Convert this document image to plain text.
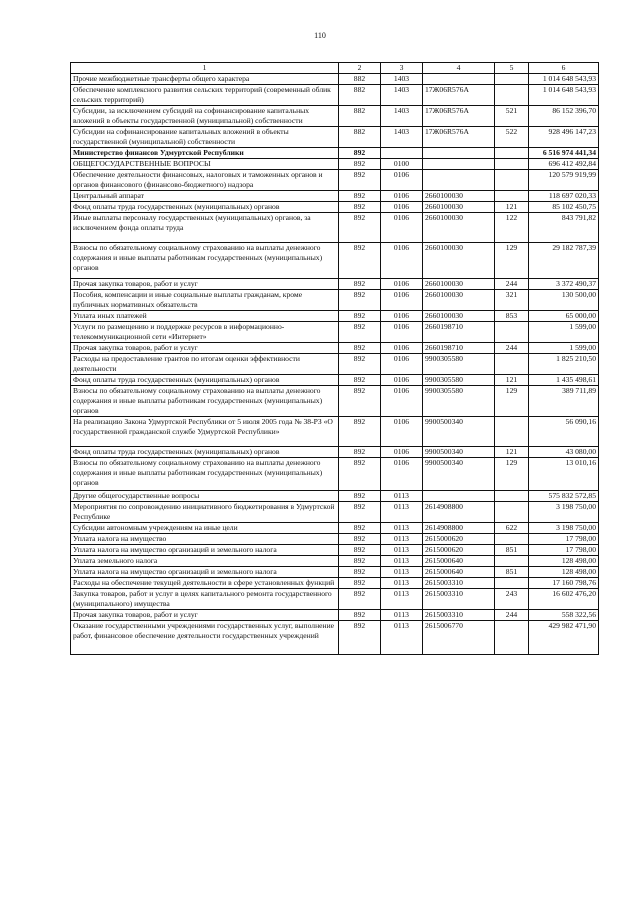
110
1	2	3	4	5	6
Прочие межбюджетные трансферты общего характера	882	1403			1 014 648 543,93
Обеспечение комплексного развития сельских территорий (современный облик сельских территорий)	882	1403	17Ж06R576А		1 014 648 543,93
Субсидии, за исключением субсидий на софинансирование капитальных вложений в объекты государственной (муниципальной) собственности	882	1403	17Ж06R576А	521	86 152 396,70
Субсидии на софинансирование капитальных вложений в объекты государственной (муниципальной) собственности	882	1403	17Ж06R576А	522	928 496 147,23
Министерство финансов Удмуртской Республики	892				6 516 974 441,34
ОБЩЕГОСУДАРСТВЕННЫЕ ВОПРОСЫ	892	0100			696 412 492,84
Обеспечение деятельности финансовых, налоговых и таможенных органов и органов финансового (финансово-бюджетного) надзора	892	0106			120 579 919,99
Центральный аппарат	892	0106	2660100030		118 697 020,33
Фонд оплаты труда государственных (муниципальных) органов	892	0106	2660100030	121	85 102 450,75
Иные выплаты персоналу государственных (муниципальных) органов, за исключением фонда оплаты труда	892	0106	2660100030	122	843 791,82
Взносы по обязательному социальному страхованию на выплаты денежного содержания и иные выплаты работникам государственных (муниципальных) органов	892	0106	2660100030	129	29 182 787,39
Прочая закупка товаров, работ и услуг	892	0106	2660100030	244	3 372 490,37
Пособия, компенсации и иные социальные выплаты гражданам, кроме публичных нормативных обязательств	892	0106	2660100030	321	130 500,00
Уплата иных платежей	892	0106	2660100030	853	65 000,00
Услуги по размещению и поддержке ресурсов в информационно-телекоммуникационной сети «Интернет»	892	0106	2660198710		1 599,00
Прочая закупка товаров, работ и услуг	892	0106	2660198710	244	1 599,00
Расходы на предоставление грантов по итогам оценки эффективности деятельности	892	0106	9900305580		1 825 210,50
Фонд оплаты труда государственных (муниципальных) органов	892	0106	9900305580	121	1 435 498,61
Взносы по обязательному социальному страхованию на выплаты денежного содержания и иные выплаты работникам государственных (муниципальных) органов	892	0106	9900305580	129	389 711,89
На реализацию Закона Удмуртской Республики от 5 июля 2005 года № 38-РЗ «О государственной гражданской службе Удмуртской Республики»	892	0106	9900500340		56 090,16
Фонд оплаты труда государственных (муниципальных) органов	892	0106	9900500340	121	43 080,00
Взносы по обязательному социальному страхованию на выплаты денежного содержания и иные выплаты работникам государственных (муниципальных) органов	892	0106	9900500340	129	13 010,16
Другие общегосударственные вопросы	892	0113			575 832 572,85
Мероприятия по сопровождению инициативного бюджетирования в Удмуртской Республике	892	0113	2614908800		3 198 750,00
Субсидии автономным учреждениям на иные цели	892	0113	2614908800	622	3 198 750,00
Уплата налога на имущество	892	0113	2615000620		17 798,00
Уплата налога на имущество организаций и земельного налога	892	0113	2615000620	851	17 798,00
Уплата земельного налога	892	0113	2615000640		128 498,00
Уплата налога на имущество организаций и земельного налога	892	0113	2615000640	851	128 498,00
Расходы на обеспечение текущей деятельности в сфере установленных функций	892	0113	2615003310		17 160 798,76
Закупка товаров, работ и услуг в целях капитального ремонта государственного (муниципального) имущества	892	0113	2615003310	243	16 602 476,20
Прочая закупка товаров, работ и услуг	892	0113	2615003310	244	558 322,56
Оказание государственными учреждениями государственных услуг, выполнение работ, финансовое обеспечение деятельности государственных учреждений	892	0113	2615006770		429 982 471,90
